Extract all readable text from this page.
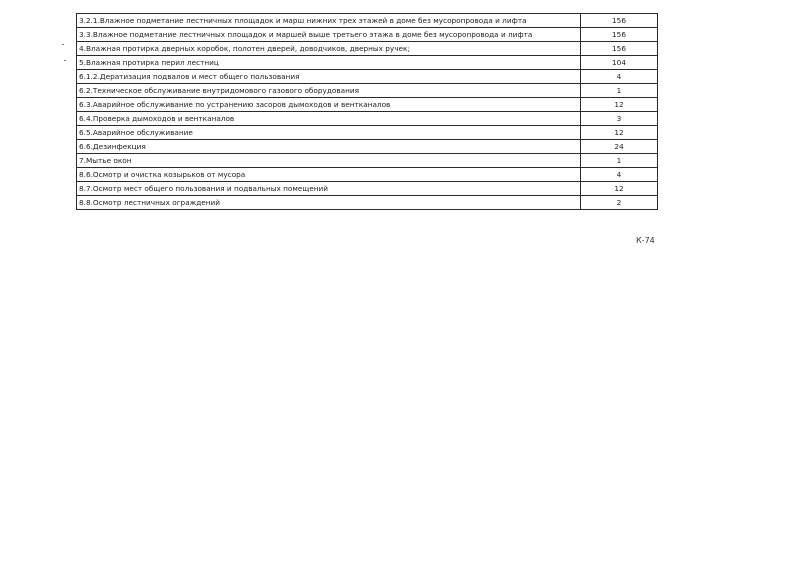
3.2.1.Влажное подметание лестничных площадок и марш нижних трех этажей в доме без мусоропровода и лифта	156
3.3.Влажное подметание лестничных площадок и маршей выше третьего этажа в доме без мусоропровода и лифта	156
4.Влажная протирка дверных коробок, полотен дверей, доводчиков, дверных ручек;	156
5.Влажная протирка перил лестниц	104
6.1.2.Дератизация подвалов и мест общего пользования	4
6.2.Техническое обслуживание внутридомового газового оборудования	1
6.3.Аварийное обслуживание по устранению засоров дымоходов и вентканалов	12
6.4.Проверка дымоходов и вентканалов	3
6.5.Аварийное обслуживание	12
6.6.Дезинфекция	24
7.Мытье окон	1
8.6.Осмотр и очистка козырьков от мусора	4
8.7.Осмотр мест общего пользования и подвальных помещений	12
8.8.Осмотр лестничных ограждений	2
К-74
